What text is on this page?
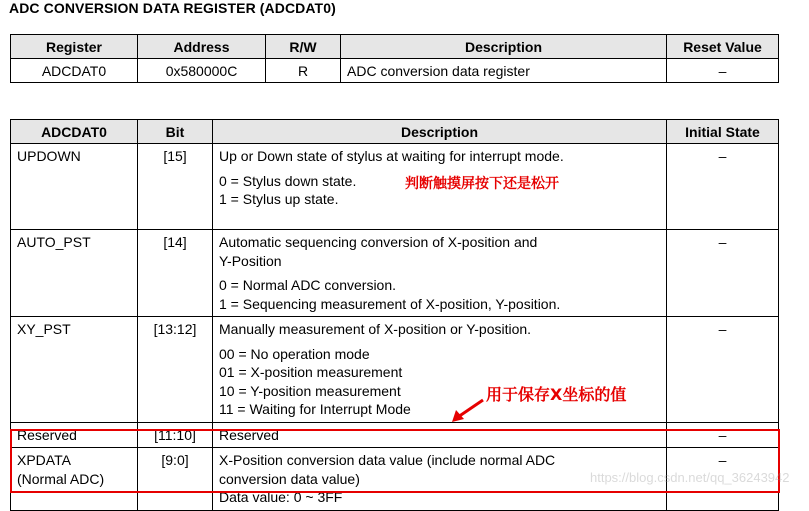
ADC CONVERSION DATA REGISTER (ADCDAT0)
Register	Address	R/W	Description	Reset Value
ADCDAT0	0x580000C	R	ADC conversion data register	–
ADCDAT0	Bit	Description	Initial State
UPDOWN	[15]	Up or Down state of stylus at waiting for interrupt mode.
0 = Stylus down state.
1 = Stylus up state.	–
AUTO_PST	[14]	Automatic sequencing conversion of X-position and
Y-Position
0 = Normal ADC conversion.
1 = Sequencing measurement of X-position, Y-position.	–
XY_PST	[13:12]	Manually measurement of X-position or Y-position.
00 = No operation mode
01 = X-position measurement
10 = Y-position measurement
11 = Waiting for Interrupt Mode	–
Reserved	[11:10]	Reserved	–

XPDATA
(Normal ADC)	[9:0]	X-Position conversion data value (include normal ADC
conversion data value)
Data value: 0 ~ 3FF	–
判断触摸屏按下还是松开
用于保存X坐标的值
https://blog.csdn.net/qq_36243942
